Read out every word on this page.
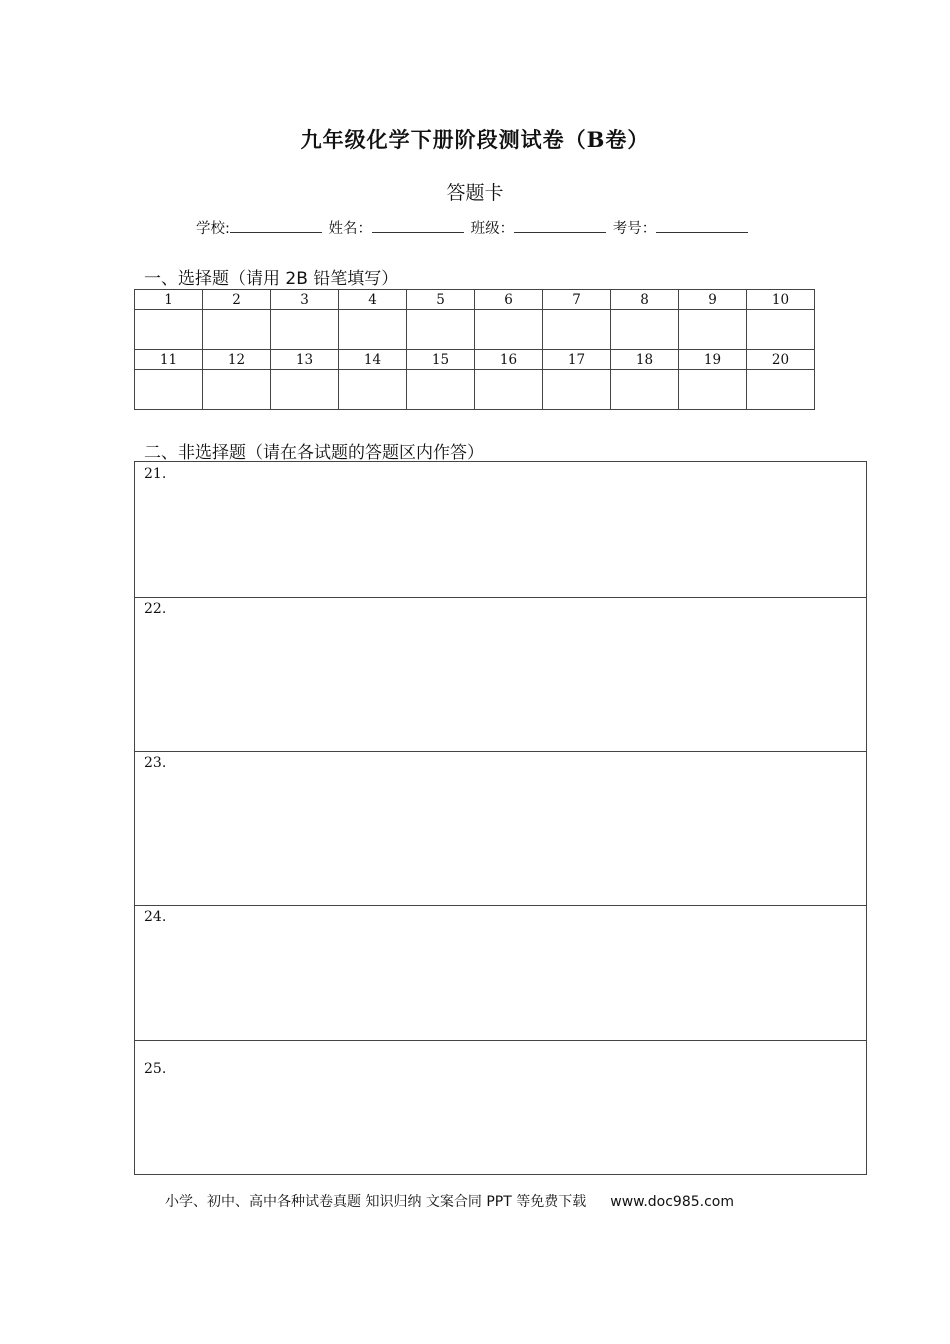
九年级化学下册阶段测试卷（B卷）
答题卡
学校:	姓名：	班级：	考号：
一、选择题（请用 2B 铅笔填写）
1	2	3	4	5	6	7	8	9	10

11	12	13	14	15	16	17	18	19	20

二、非选择题（请在各试题的答题区内作答）
21.
22.
23.
24.
25.
小学、初中、高中各种试卷真题 知识归纳 文案合同 PPT 等免费下载 www.doc985.com
